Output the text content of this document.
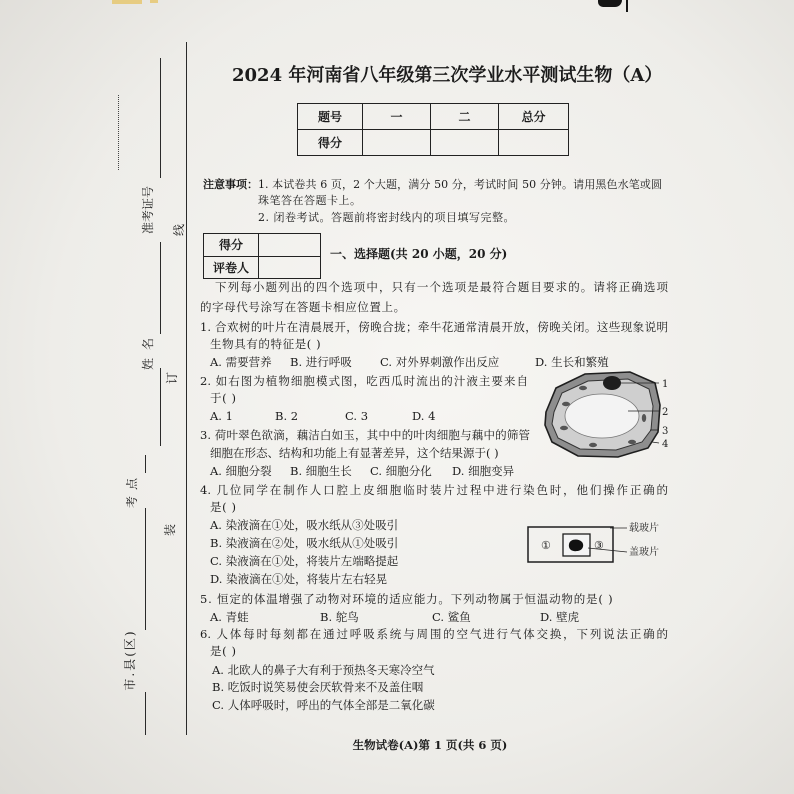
准考证号
姓名
考点
市.县(区)
线
订
装
2024 年河南省八年级第三次学业水平测试生物（A）
题号	一	二	总分
得分			
注意事项： 1. 本试卷共 6 页，2 个大题，满分 50 分，考试时间 50 分钟。请用黑色水笔或圆
珠笔答在答题卡上。
2. 闭卷考试。答题前将密封线内的项目填写完整。
得分	
评卷人	
一、选择题(共 20 小题，20 分)
下列每小题列出的四个选项中，只有一个选项是最符合题目要求的。请将正确选项
的字母代号涂写在答题卡相应位置上。
1. 合欢树的叶片在清晨展开，傍晚合拢；牵牛花通常清晨开放，傍晚关闭。这些现象说明
生物具有的特征是( )
A. 需要营养 B. 进行呼吸 C. 对外界刺激作出反应	D. 生长和繁殖
2. 如右图为植物细胞模式图，吃西瓜时流出的汁液主要来自
于( )
A. 1	B. 2	C. 3	D. 4
1
2
3
4
3. 荷叶翠色欲滴，藕洁白如玉，其中中的叶肉细胞与藕中的筛管
细胞在形态、结构和功能上有显著差异，这个结果源于( )
A. 细胞分裂 B. 细胞生长 C. 细胞分化 D. 细胞变异
4. 几位同学在制作人口腔上皮细胞临时装片过程中进行染色时，他们操作正确的
是( )
A. 染液滴在①处，吸水纸从③处吸引
B. 染液滴在②处，吸水纸从①处吸引
C. 染液滴在①处，将装片左端略提起
D. 染液滴在①处，将装片左右轻晃
①	③
载玻片
盖玻片
5. 恒定的体温增强了动物对环境的适应能力。下列动物属于恒温动物的是( )
A. 青蛙	B. 鸵鸟	C. 鲨鱼	D. 壁虎
6. 人体每时每刻都在通过呼吸系统与周围的空气进行气体交换，下列说法正确的
是( )
A. 北欧人的鼻子大有利于预热冬天寒冷空气
B. 吃饭时说笑易使会厌软骨来不及盖住咽
C. 人体呼吸时，呼出的气体全部是二氧化碳
生物试卷(A)第 1 页(共 6 页)
